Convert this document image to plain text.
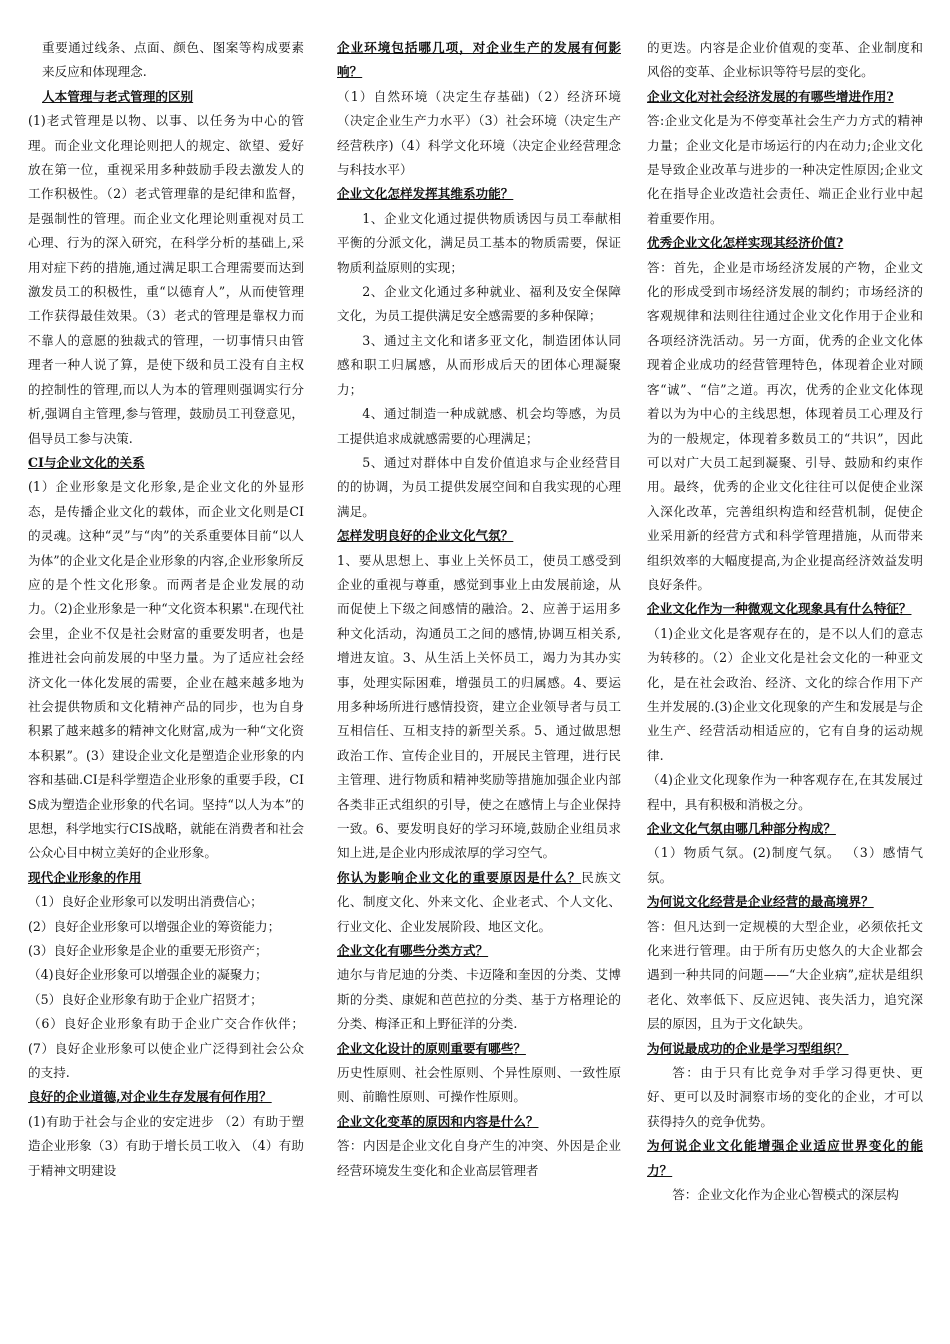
重要通过线条、点面、颜色、图案等构成要素来反应和体现理念.

人本管理与老式管理的区别

(1)老式管理是以物、以事、以任务为中心的管理。而企业文化理论则把人的规定、欲望、爱好放在第一位，重视采用多种鼓励手段去激发人的工作积极性。（2）老式管理靠的是纪律和监督，是强制性的管理。而企业文化理论则重视对员工心理、行为的深入研究，在科学分析的基础上,采用对症下药的措施,通过满足职工合理需要而达到激发员工的积极性，重“以德育人”，从而使管理工作获得最佳效果。（3）老式的管理是靠权力而不靠人的意愿的独裁式的管理，一切事情只由管理者一种人说了算，是使下级和员工没有自主权的控制性的管理,而以人为本的管理则强调实行分析,强调自主管理,参与管理，鼓励员工刊登意见，倡导员工参与决策.

CI与企业文化的关系

(1）企业形象是文化形象,是企业文化的外显形态，是传播企业文化的载体，而企业文化则是CI的灵魂。这种“灵”与“肉”的关系重要体目前“以人为体”的企业文化是企业形象的内容,企业形象所反应的是个性文化形象。而两者是企业发展的动力。（2)企业形象是一种“文化资本积累".在现代社会里，企业不仅是社会财富的重要发明者，也是推进社会向前发展的中坚力量。为了适应社会经济文化一体化发展的需要，企业在越来越多地为社会提供物质和文化精神产品的同步，也为自身积累了越来越多的精神文化财富,成为一种“文化资本积累”。(3）建设企业文化是塑造企业形象的内容和基础.CI是科学塑造企业形象的重要手段，CIS成为塑造企业形象的代名词。坚持“以人为本”的思想，科学地实行CIS战略，就能在消费者和社会公众心目中树立美好的企业形象。

现代企业形象的作用

（1）良好企业形象可以发明出消费信心；

(2）良好企业形象可以增强企业的筹资能力；

(3）良好企业形象是企业的重要无形资产；

（4)良好企业形象可以增强企业的凝聚力；

（5）良好企业形象有助于企业广招贤才；

（6）良好企业形象有助于企业广交合作伙伴；(7）良好企业形象可以使企业广泛得到社会公众的支持.

良好的企业道德,对企业生存发展有何作用？

(1)有助于社会与企业的安定进步 （2）有助于塑造企业形象（3）有助于增长员工收入 （4）有助于精神文明建设

企业环境包括哪几项，对企业生产的发展有何影响？

（1）自然环境（决定生存基础)（2）经济环境（决定企业生产力水平）（3）社会环境（决定生产经营秩序)（4）科学文化环境（决定企业经营理念与科技水平）

企业文化怎样发挥其维系功能？

1、企业文化通过提供物质诱因与员工奉献相平衡的分派文化，满足员工基本的物质需要，保证物质利益原则的实现；

2、企业文化通过多种就业、福利及安全保障文化，为员工提供满足安全感需要的多种保障；

3、通过主文化和诸多亚文化，制造团体认同感和职工归属感，从而形成后天的团体心理凝聚力；

4、通过制造一种成就感、机会均等感，为员工提供追求成就感需要的心理满足；

5、通过对群体中自发价值追求与企业经营目的的协调，为员工提供发展空间和自我实现的心理满足。

怎样发明良好的企业文化气氛？

1、要从思想上、事业上关怀员工，使员工感受到企业的重视与尊重，感觉到事业上由发展前途，从而促使上下级之间感情的融洽。2、应善于运用多种文化活动，沟通员工之间的感情,协调互相关系,增进友谊。3、从生活上关怀员工，竭力为其办实事，处理实际困难，增强员工的归属感。4、要运用多种场所进行感情投资，建立企业领导者与员工互相信任、互相支持的新型关系。5、通过做思想政治工作、宣传企业目的，开展民主管理，进行民主管理、进行物质和精神奖励等措施加强企业内部各类非正式组织的引导，使之在感情上与企业保持一致。6、要发明良好的学习环境,鼓励企业组员求知上进,是企业内形成浓厚的学习空气。

你认为影响企业文化的重要原因是什么？民族文化、制度文化、外来文化、企业老式、个人文化、行业文化、企业发展阶段、地区文化。

企业文化有哪些分类方式？

迪尔与肯尼迪的分类、卡迈隆和奎因的分类、艾博斯的分类、康妮和芭芭拉的分类、基于方格理论的分类、梅泽正和上野征洋的分类.

企业文化设计的原则重要有哪些？

历史性原则、社会性原则、个异性原则、一致性原则、前瞻性原则、可操作性原则。

企业文化变革的原因和内容是什么？

答：内因是企业文化自身产生的冲突、外因是企业经营环境发生变化和企业高层管理者

的更迭。内容是企业价值观的变革、企业制度和风俗的变革、企业标识等符号层的变化。

企业文化对社会经济发展的有哪些增进作用?

答:企业文化是为不停变革社会生产力方式的精神力量；企业文化是市场运行的内在动力;企业文化是导致企业改革与进步的一种决定性原因;企业文化在指导企业改造社会责任、端正企业行业中起着重要作用。

优秀企业文化怎样实现其经济价值?

答：首先，企业是市场经济发展的产物，企业文化的形成受到市场经济发展的制约；市场经济的客观规律和法则往往通过企业文化作用于企业和各项经济洗活动。另一方面，优秀的企业文化体现着企业成功的经营管理特色，体现着企业对顾客“诚”、“信”之道。再次，优秀的企业文化体现着以为为中心的主线思想，体现着员工心理及行为的一般规定，体现着多数员工的“共识”，因此可以对广大员工起到凝聚、引导、鼓励和约束作用。最终，优秀的企业文化往往可以促使企业深入深化改革，完善组织构造和经营机制，促使企业采用新的经营方式和科学管理措施，从而带来组织效率的大幅度提高,为企业提高经济效益发明良好条件。

企业文化作为一种微观文化现象具有什么特征？

（1)企业文化是客观存在的，是不以人们的意志为转移的。（2）企业文化是社会文化的一种亚文化，是在社会政治、经济、文化的综合作用下产生并发展的.(3)企业文化现象的产生和发展是与企业生产、经营活动相适应的，它有自身的运动规律.

（4)企业文化现象作为一种客观存在,在其发展过程中，具有积极和消极之分。

企业文化气氛由哪几种部分构成？

（1）物质气氛。(2)制度气氛。 （3）感情气氛。

为何说文化经营是企业经营的最高境界？

答：但凡达到一定规模的大型企业，必须依托文化来进行管理。由于所有历史悠久的大企业都会遇到一种共同的问题——“大企业病”,症状是组织老化、效率低下、反应迟钝、丧失活力，追究深层的原因，且为于文化缺失。

为何说最成功的企业是学习型组织？

答：由于只有比竞争对手学习得更快、更好、更可以及时洞察市场的变化的企业，才可以获得持久的竞争优势。

为何说企业文化能增强企业适应世界变化的能力？

答：企业文化作为企业心智模式的深层构
